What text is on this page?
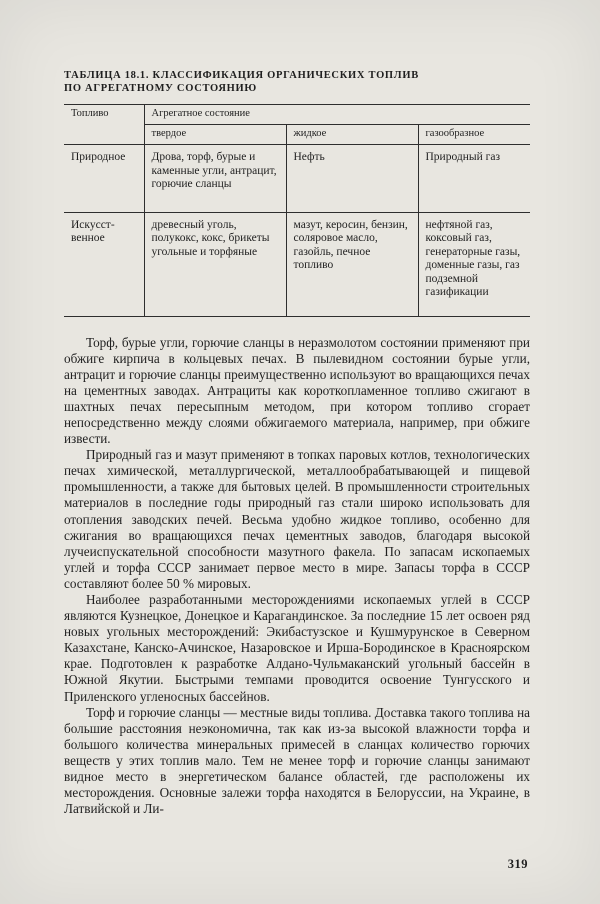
ТАБЛИЦА 18.1. КЛАССИФИКАЦИЯ ОРГАНИЧЕСКИХ ТОПЛИВ
ПО АГРЕГАТНОМУ СОСТОЯНИЮ
Топливо	Агрегатное состояние		
	твердое	жидкое	газообразное
Природное	Дрова, торф, бурые и каменные угли, антрацит, горючие сланцы	Нефть	Природный газ
Искусственное	древесный уголь, полукокс, кокс, брикеты угольные и торфяные	мазут, керосин, бензин, соляровое масло, газойль, печное топливо	нефтяной газ, коксовый газ, генераторные газы, доменные газы, газ подземной газификации

Торф, бурые угли, горючие сланцы в неразмолотом состоянии применяют при обжиге кирпича в кольцевых печах. В пылевидном состоянии бурые угли, антрацит и горючие сланцы преимущественно используют во вращающихся печах на цементных заводах. Антрациты как короткопламенное топливо сжигают в шахтных печах пересыпным методом, при котором топливо сгорает непосредственно между слоями обжигаемого материала, например, при обжиге извести.

Природный газ и мазут применяют в топках паровых котлов, технологических печах химической, металлургической, металлообрабатывающей и пищевой промышленности, а также для бытовых целей. В промышленности строительных материалов в последние годы природный газ стали широко использовать для отопления заводских печей. Весьма удобно жидкое топливо, особенно для сжигания во вращающихся печах цементных заводов, благодаря высокой лучеиспускательной способности мазутного факела. По запасам ископаемых углей и торфа СССР занимает первое место в мире. Запасы торфа в СССР составляют более 50 % мировых.

Наиболее разработанными месторождениями ископаемых углей в СССР являются Кузнецкое, Донецкое и Карагандинское. За последние 15 лет освоен ряд новых угольных месторождений: Экибастузское и Кушмурунское в Северном Казахстане, Канско-Ачинское, Назаровское и Ирша-Бородинское в Красноярском крае. Подготовлен к разработке Алдано-Чульмаканский угольный бассейн в Южной Якутии. Быстрыми темпами проводится освоение Тунгусского и Приленского угленосных бассейнов.

Торф и горючие сланцы — местные виды топлива. Доставка такого топлива на большие расстояния неэкономична, так как из-за высокой влажности торфа и большого количества минеральных примесей в сланцах количество горючих веществ у этих топлив мало. Тем не менее торф и горючие сланцы занимают видное место в энергетическом балансе областей, где расположены их месторождения. Основные залежи торфа находятся в Белоруссии, на Украине, в Латвийской и Ли-

319
